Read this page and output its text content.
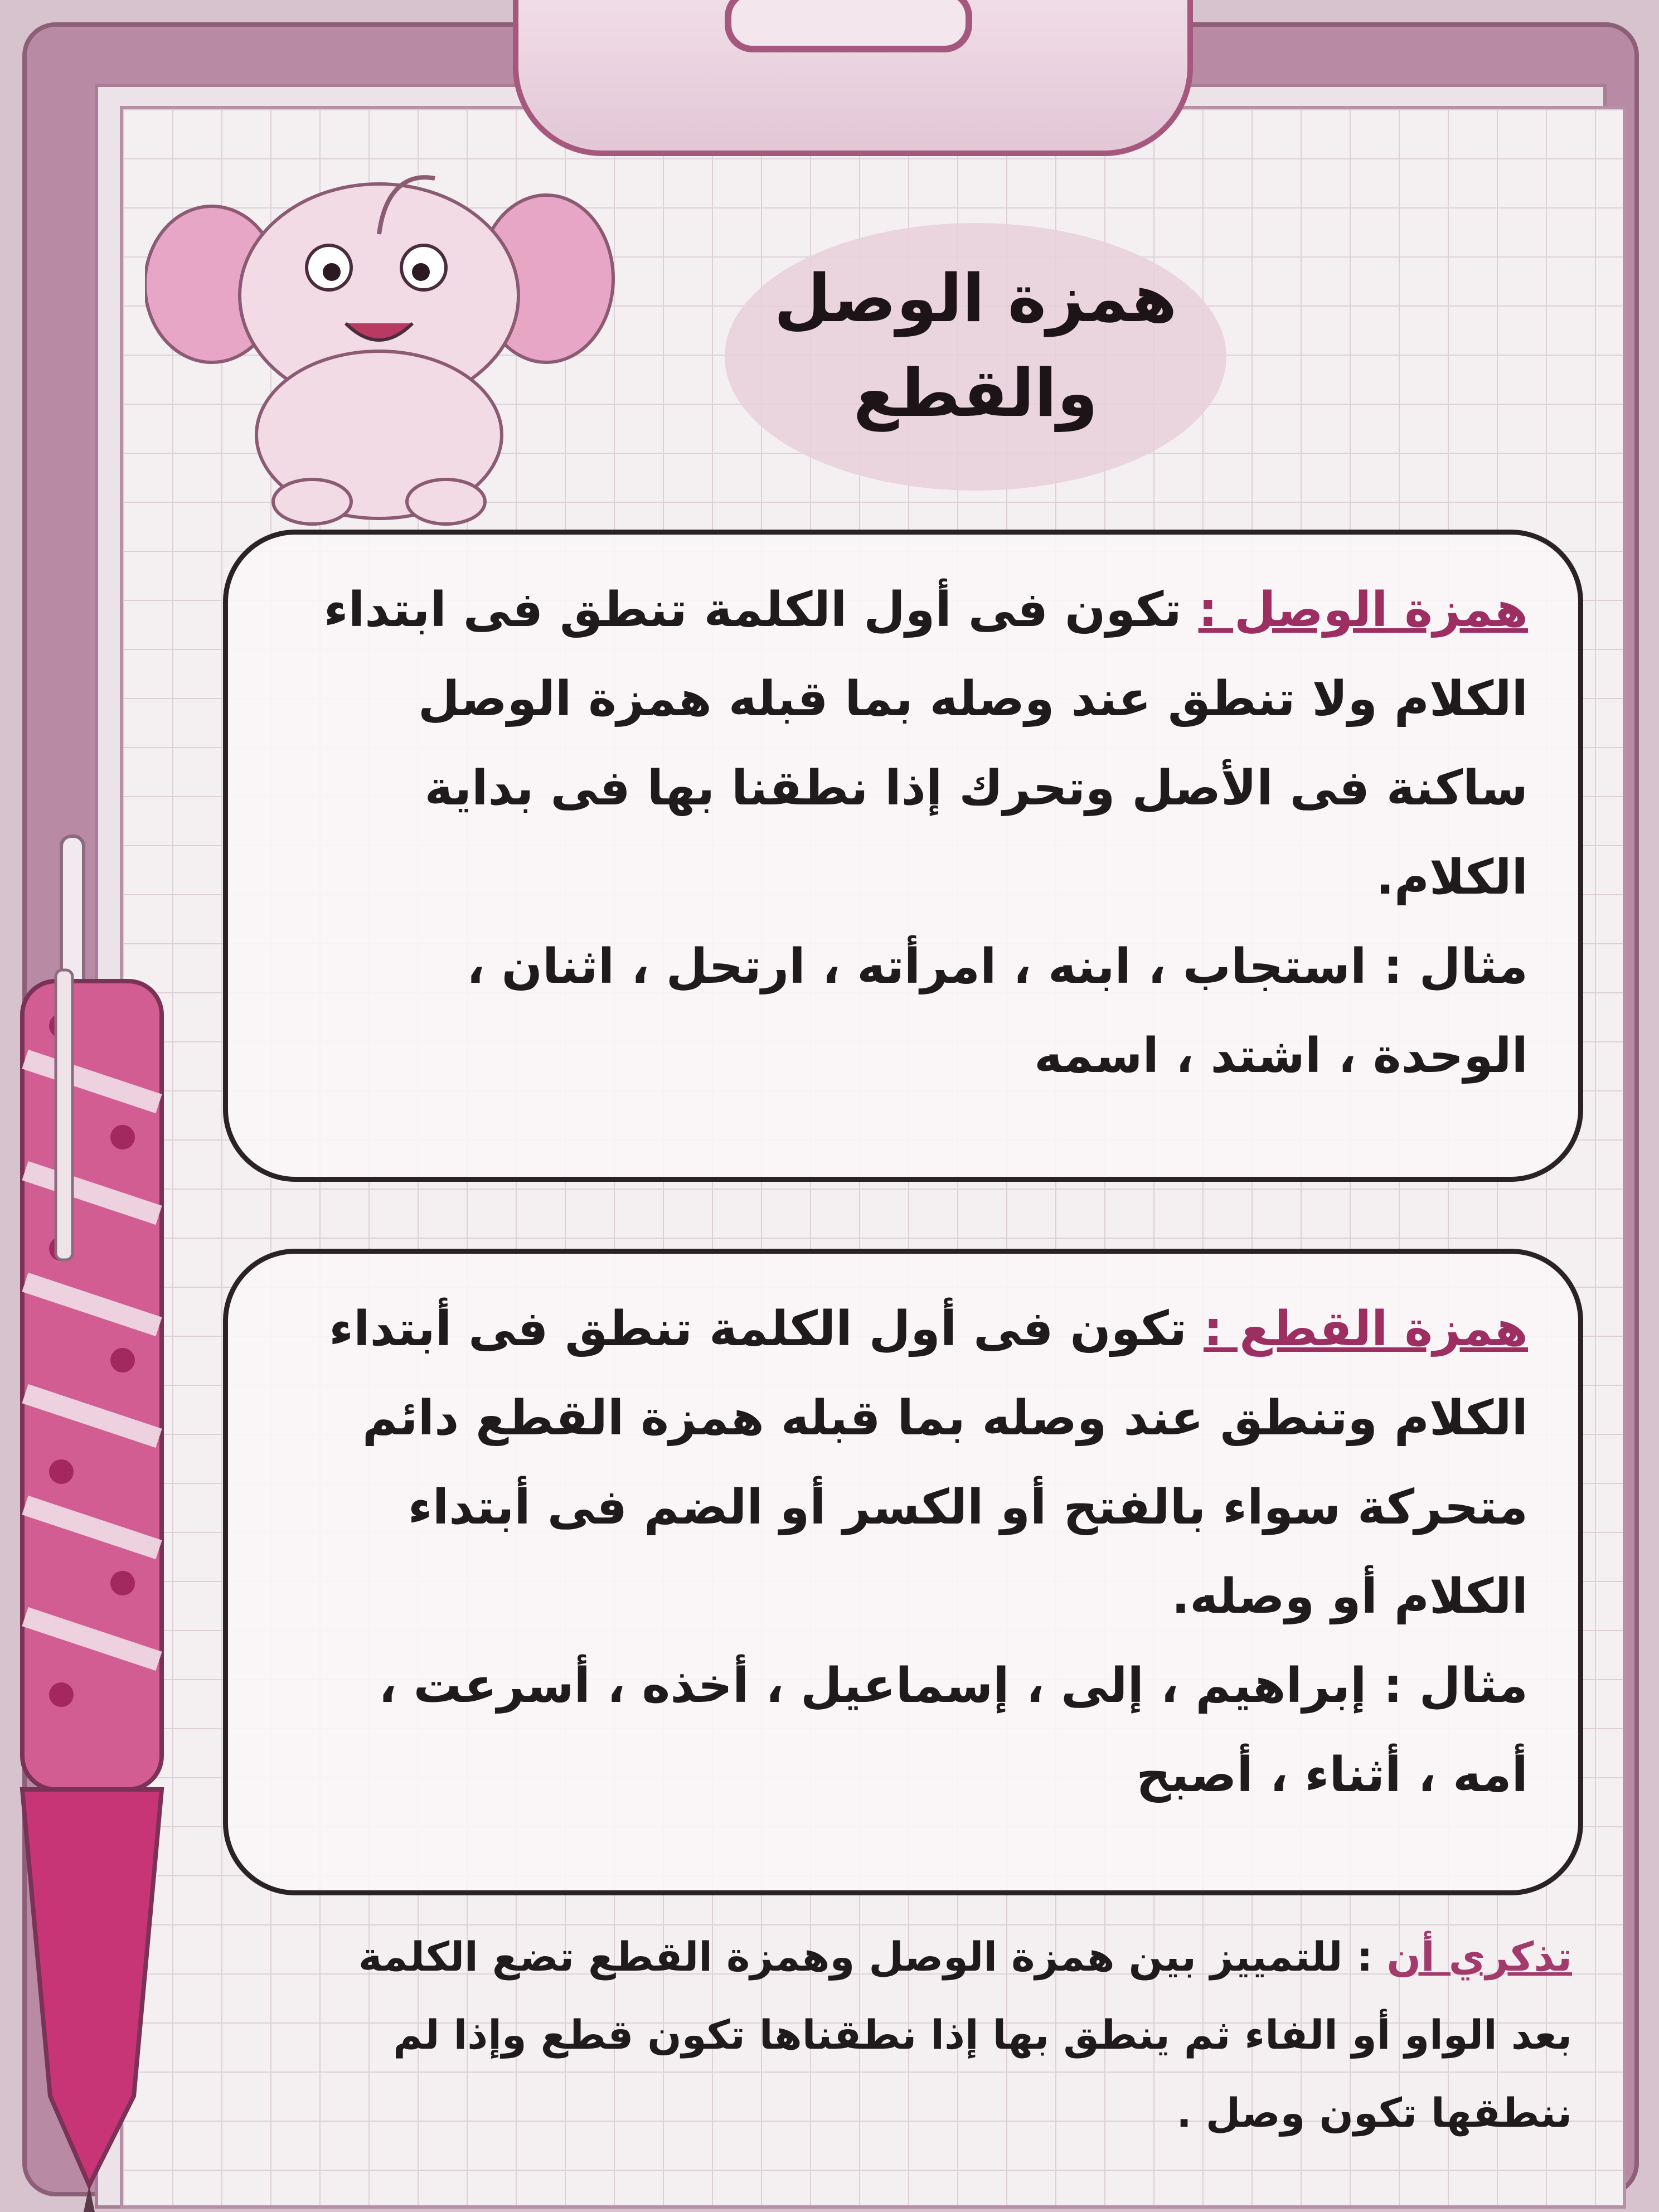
همزة الوصل
والقطع
همزة الوصل : تكون فى أول الكلمة تنطق فى ابتداء الكلام ولا تنطق عند وصله بما قبله همزة الوصل ساكنة فى الأصل وتحرك إذا نطقنا بها فى بداية الكلام.
مثال : استجاب ، ابنه ، امرأته ، ارتحل ، اثنان ، الوحدة ، اشتد ، اسمه
همزة القطع : تكون فى أول الكلمة تنطق فى أبتداء الكلام وتنطق عند وصله بما قبله همزة القطع دائم متحركة سواء بالفتح أو الكسر أو الضم فى أبتداء الكلام أو وصله.
مثال : إبراهيم ، إلى ، إسماعيل ، أخذه ، أسرعت ، أمه ، أثناء ، أصبح
تذكري أن : للتمييز بين همزة الوصل وهمزة القطع تضع الكلمة بعد الواو أو الفاء ثم ينطق بها إذا نطقناها تكون قطع وإذا لم ننطقها تكون وصل .
